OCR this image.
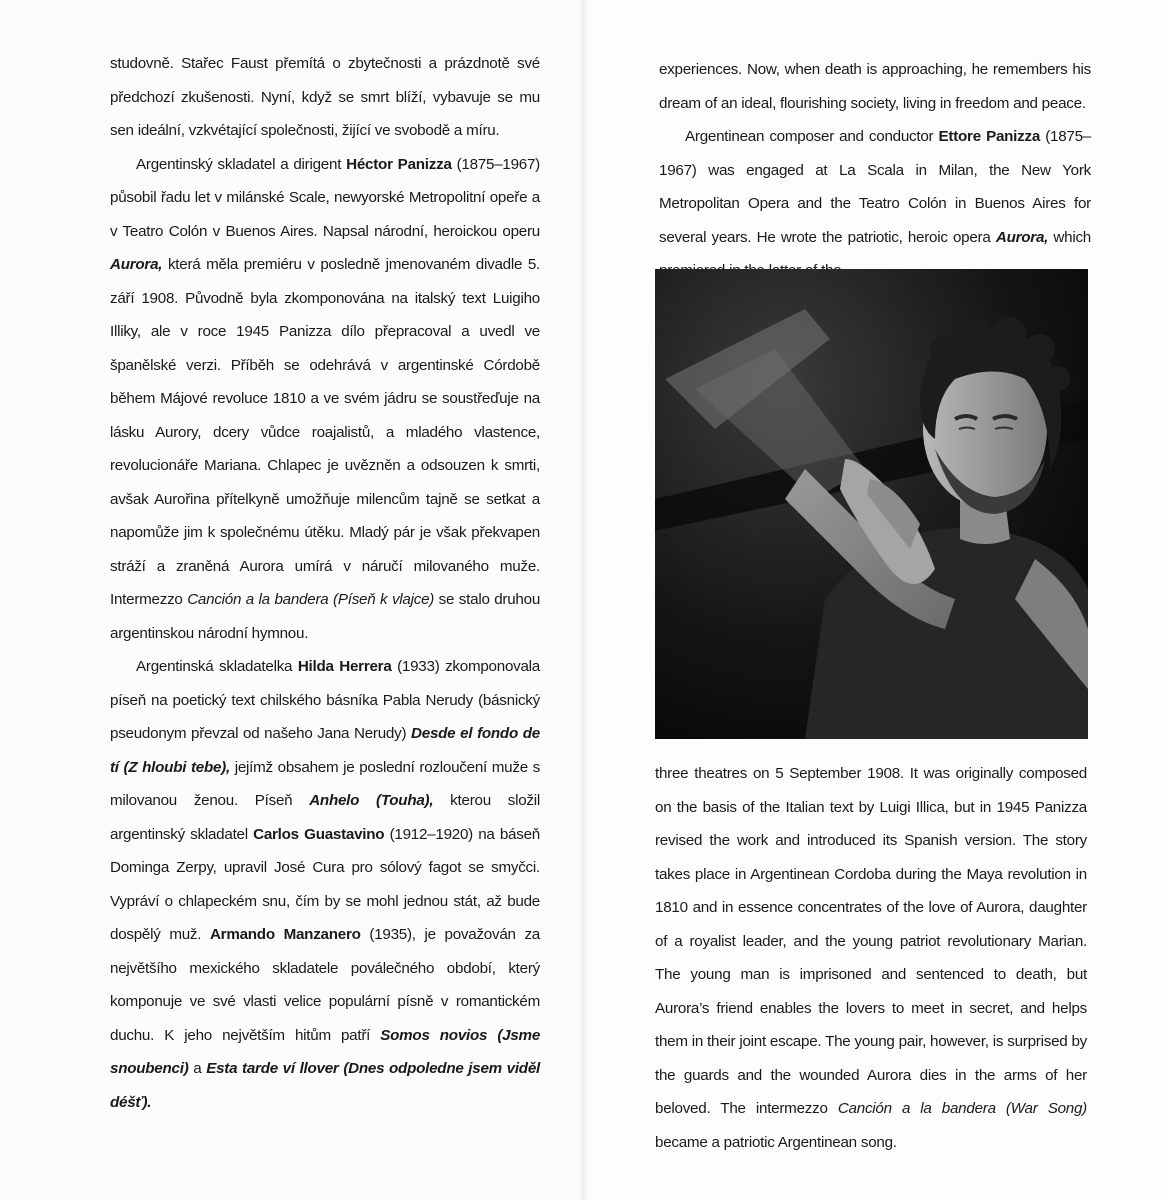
studovně. Stařec Faust přemítá o zbytečnosti a prázdnotě své předchozí zkušenosti. Nyní, když se smrt blíží, vybavuje se mu sen ideální, vzkvétající společnosti, žijící ve svobodě a míru.

Argentinský skladatel a dirigent Héctor Panizza (1875–1967) působil řadu let v milánské Scale, newyorské Metropolitní opeře a v Teatro Colón v Buenos Aires. Napsal národní, heroickou operu Aurora, která měla premiéru v posledně jmenovaném divadle 5. září 1908. Původně byla zkomponována na italský text Luigiho Illiky, ale v roce 1945 Panizza dílo přepracoval a uvedl ve španělské verzi. Příběh se odehrává v argentinské Córdobě během Májové revoluce 1810 a ve svém jádru se soustřeďuje na lásku Aurory, dcery vůdce roajalistů, a mladého vlastence, revolucionáře Mariana. Chlapec je uvězněn a odsouzen k smrti, avšak Aurořina přítelkyně umožňuje milencům tajně se setkat a napomůže jim k společnému útěku. Mladý pár je však překvapen stráží a zraněná Aurora umírá v náručí milovaného muže. Intermezzo Canción a la bandera (Píseň k vlajce) se stalo druhou argentinskou národní hymnou.

Argentinská skladatelka Hilda Herrera (1933) zkomponovala píseň na poetický text chilského básníka Pabla Nerudy (básnický pseudonym převzal od našeho Jana Nerudy) Desde el fondo de tí (Z hloubi tebe), jejímž obsahem je poslední rozloučení muže s milovanou ženou. Píseň Anhelo (Touha), kterou složil argentinský skladatel Carlos Guastavino (1912–1920) na báseň Dominga Zerpy, upravil José Cura pro sólový fagot se smyčci. Vypráví o chlapeckém snu, čím by se mohl jednou stát, až bude dospělý muž. Armando Manzanero (1935), je považován za největšího mexického skladatele poválečného období, který komponuje ve své vlasti velice populární písně v romantickém duchu. K jeho největším hitům patří Somos novios (Jsme snoubenci) a Esta tarde ví llover (Dnes odpoledne jsem viděl déšť).

experiences. Now, when death is approaching, he remembers his dream of an ideal, flourishing society, living in freedom and peace.

Argentinean composer and conductor Ettore Panizza (1875–1967) was engaged at La Scala in Milan, the New York Metropolitan Opera and the Teatro Colón in Buenos Aires for several years. He wrote the patriotic, heroic opera Aurora, which

three theatres on 5 September 1908. It was originally composed on the basis of the Italian text by Luigi Illica, but in 1945 Panizza revised the work and introduced its Spanish version. The story takes place in Argentinean Cordoba during the Maya revolution in 1810 and in essence concentrates of the love of Aurora, daughter of a royalist leader, and the young patriot revolutionary Marian. The young man is imprisoned and sentenced to death, but Aurora’s friend enables the lovers to meet in secret, and helps them in their joint escape. The young pair, however, is surprised by the guards and the wounded Aurora dies in the arms of her beloved. The intermezzo Canción a la bandera (War Song) became a patriotic Argentinean song.
